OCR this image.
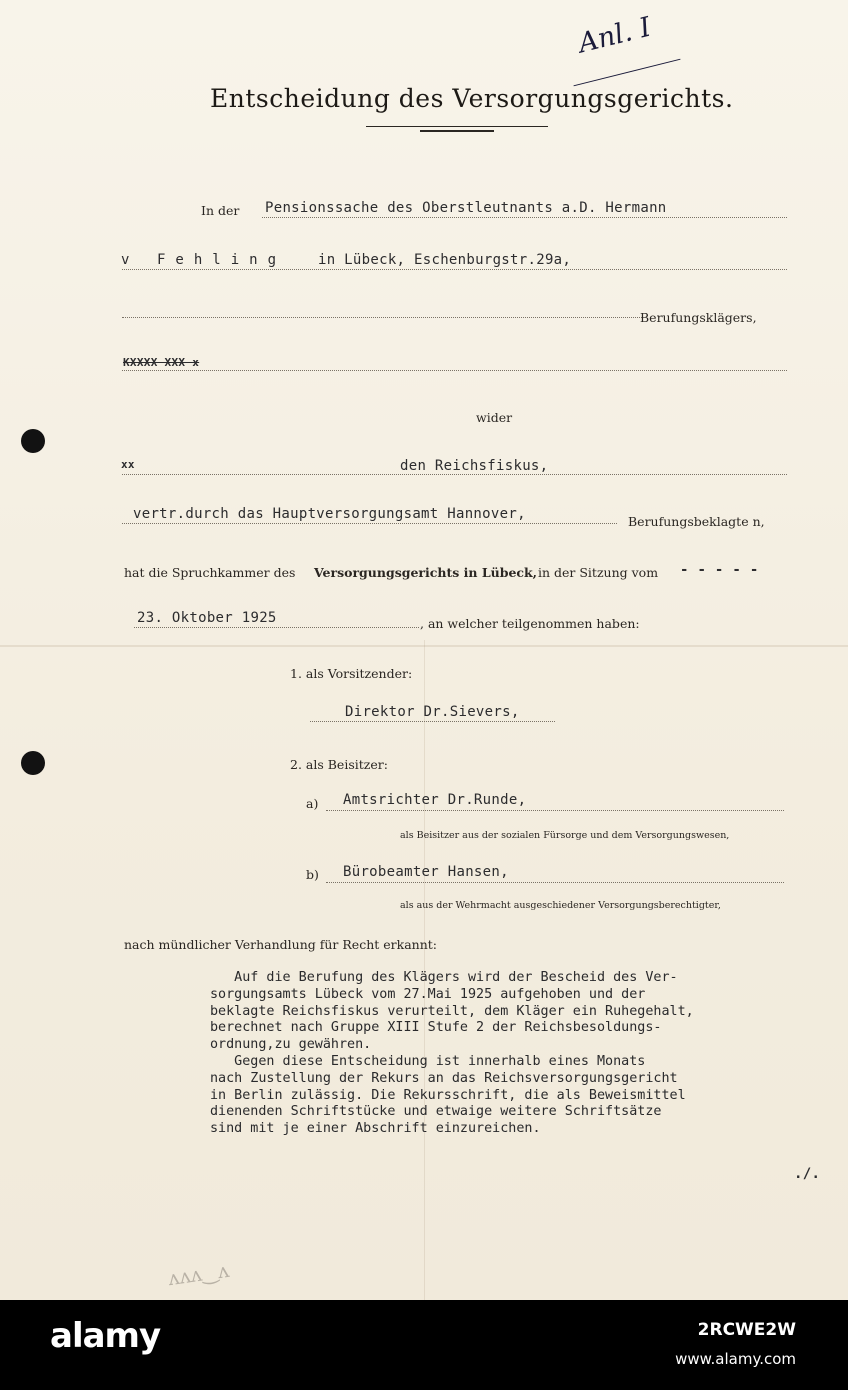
Anl. I
Entscheidung des Versorgungsgerichts.
In der Pensionssache des Oberstleutnants a.D. Hermann
v Fehling in Lübeck, Eschenburgstr.29a,
Berufungsklägers,
KXXXX XXX x
wider
xx	den Reichsfiskus,
vertr.durch das Hauptversorgungsamt Hannover,	Berufungsbeklagte n,
hat die Spruchkammer des Versorgungsgerichts in Lübeck, in der Sitzung vom - - - - -
23. Oktober 1925	, an welcher teilgenommen haben:
1. als Vorsitzender:
Direktor Dr.Sievers,
2. als Beisitzer:
a) Amtsrichter Dr.Runde,
als Beisitzer aus der sozialen Fürsorge und dem Versorgungswesen,
b) Bürobeamter Hansen,
als aus der Wehrmacht ausgeschiedener Versorgungsberechtigter,
nach mündlicher Verhandlung für Recht erkannt:
Auf die Berufung des Klägers wird der Bescheid des Ver-
sorgungsamts Lübeck vom 27.Mai 1925 aufgehoben und der
beklagte Reichsfiskus verurteilt, dem Kläger ein Ruhegehalt,
berechnet nach Gruppe XIII Stufe 2 der Reichsbesoldungs-
ordnung,zu gewähren.
Gegen diese Entscheidung ist innerhalb eines Monats
nach Zustellung der Rekurs an das Reichsversorgungsgericht
in Berlin zulässig. Die Rekursschrift, die als Beweismittel
dienenden Schriftstücke und etwaige weitere Schriftsätze
sind mit je einer Abschrift einzureichen.
./.
ʌʌʌ‿ʌ
alamy	2RCWE2W
www.alamy.com
